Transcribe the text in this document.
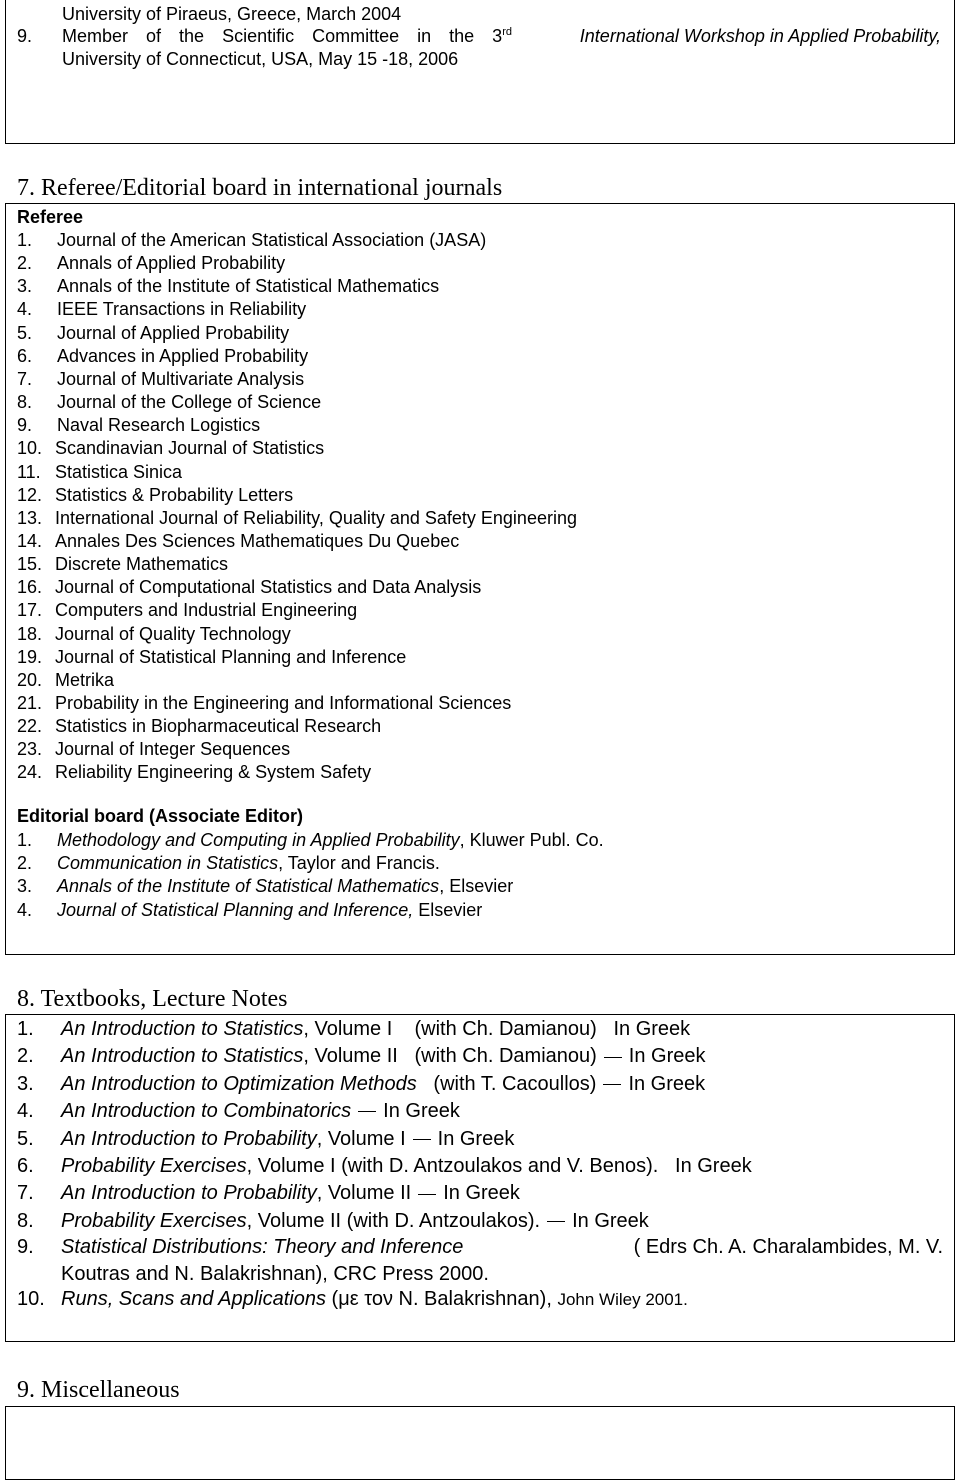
University of Piraeus, Greece, March 2004
9. Member of the Scientific Committee in the 3rd	International Workshop in Applied Probability,
University of Connecticut, USA, May 15 -18, 2006
7. Referee/Editorial board in international journals
Referee
1. Journal of the American Statistical Association (JASA)
2. Annals of Applied Probability
3. Annals of the Institute of Statistical Mathematics
4. IEEE Transactions in Reliability
5. Journal of Applied Probability
6. Advances in Applied Probability
7. Journal of Multivariate Analysis
8. Journal of the College of Science
9. Naval Research Logistics
10. Scandinavian Journal of Statistics
11. Statistica Sinica
12. Statistics & Probability Letters
13. International Journal of Reliability, Quality and Safety Engineering
14. Annales Des Sciences Mathematiques Du Quebec
15. Discrete Mathematics
16. Journal of Computational Statistics and Data Analysis
17. Computers and Industrial Engineering
18. Journal of Quality Technology
19. Journal of Statistical Planning and Inference
20. Metrika
21. Probability in the Engineering and Informational Sciences
22. Statistics in Biopharmaceutical Research
23. Journal of Integer Sequences
24. Reliability Engineering & System Safety
Editorial board (Associate Editor)
1. Methodology and Computing in Applied Probability, Kluwer Publ. Co.
2. Communication in Statistics, Taylor and Francis.
3. Annals of the Institute of Statistical Mathematics, Elsevier
4. Journal of Statistical Planning and Inference, Elsevier
8. Textbooks, Lecture Notes
1. An Introduction to Statistics, Volume I    (with Ch. Damianou) In Greek
2. An Introduction to Statistics, Volume II   (with Ch. Damianou) In Greek
3. An Introduction to Optimization Methods   (with T. Cacoullos) In Greek
4. An Introduction to Combinatorics In Greek
5. An Introduction to Probability, Volume I In Greek
6. Probability Exercises, Volume I (with D. Antzoulakos and V. Benos). In Greek
7. An Introduction to Probability, Volume II In Greek
8. Probability Exercises, Volume II (with D. Antzoulakos). In Greek
9. Statistical Distributions: Theory and Inference	( Edrs Ch. A. Charalambides, M. V.
Koutras and N. Balakrishnan), CRC Press 2000.
10. Runs, Scans and Applications (με τον N. Balakrishnan), John Wiley 2001.
9. Miscellaneous
